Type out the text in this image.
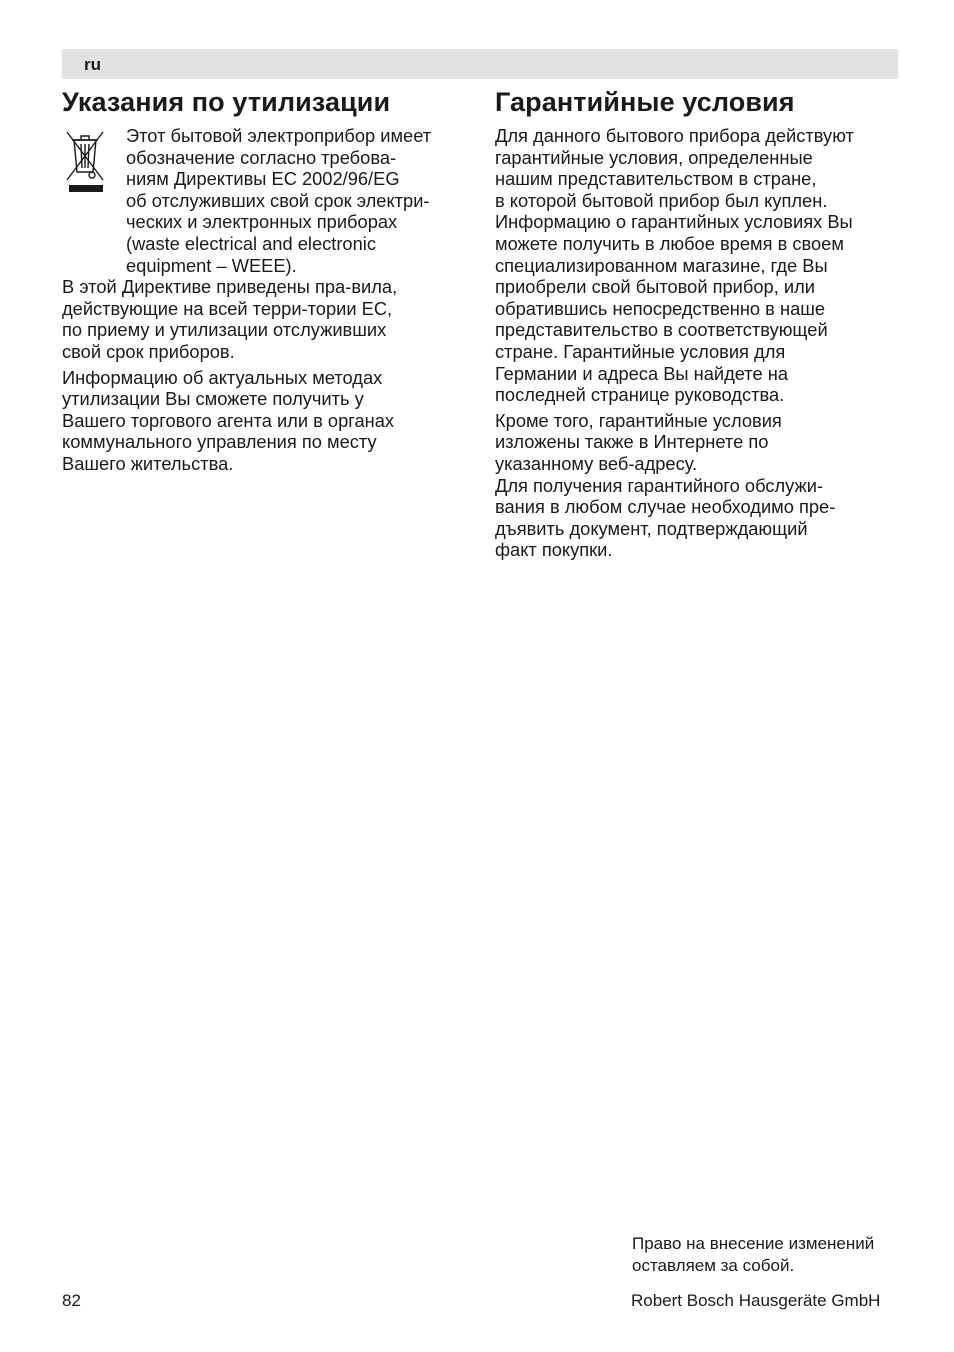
ru
Указания по утилизации
Этот бытовой электроприбор имеет
обозначение согласно требова-
ниям Директивы ЕС 2002/96/EG
об отслуживших свой срок электри-
ческих и электронных приборах
(waste electrical and electronic
equipment – WEEE).

В этой Директиве приведены пра-вила,
действующие на всей терри-тории ЕС,
по приему и утилизации отслуживших
свой срок приборов.

Информацию об актуальных методах
утилизации Вы сможете получить у
Вашего торгового агента или в органах
коммунального управления по месту
Вашего жительства.

Гарантийные условия

Для данного бытового прибора действуют
гарантийные условия, определенные
нашим представительством в стране,
в которой бытовой прибор был куплен.
Информацию о гарантийных условиях Вы
можете получить в любое время в своем
специализированном магазине, где Вы
приобрели свой бытовой прибор, или
обратившись непосредственно в наше
представительство в соответствующей
стране. Гарантийные условия для
Германии и адреса Вы найдете на
последней странице руководства.

Кроме того, гарантийные условия
изложены также в Интернете по
указанному веб-адресу.
Для получения гарантийного обслужи-
вания в любом случае необходимо пре-
дъявить документ, подтверждающий
факт покупки.

Право на внесение изменений
оставляем за собой.
82	Robert Bosch Hausgeräte GmbH
